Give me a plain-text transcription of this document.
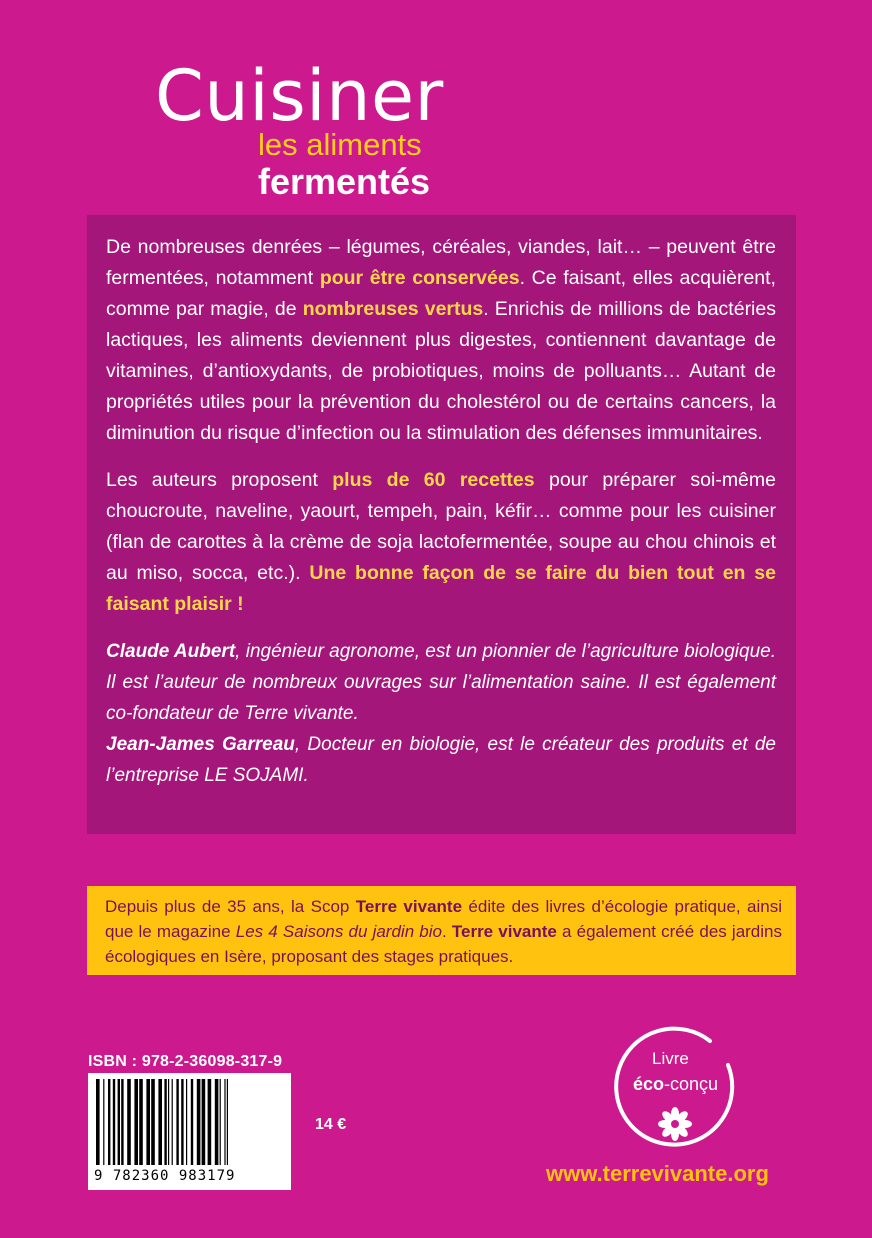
Cuisiner
les aliments
fermentés

De nombreuses denrées – légumes, céréales, viandes, lait… – peuvent être fermentées, notamment pour être conservées. Ce faisant, elles acquièrent, comme par magie, de nombreuses vertus. Enrichis de millions de bactéries lactiques, les aliments deviennent plus digestes, contiennent davantage de vitamines, d’antioxydants, de probiotiques, moins de polluants… Autant de propriétés utiles pour la prévention du cholestérol ou de certains cancers, la diminution du risque d’infection ou la stimulation des défenses immunitaires.

Les auteurs proposent plus de 60 recettes pour préparer soi-même choucroute, naveline, yaourt, tempeh, pain, kéfir… comme pour les cuisiner (flan de carottes à la crème de soja lactofermentée, soupe au chou chinois et au miso, socca, etc.). Une bonne façon de se faire du bien tout en se faisant plaisir !

Claude Aubert, ingénieur agronome, est un pionnier de l’agriculture biologique. Il est l’auteur de nombreux ouvrages sur l’alimentation saine. Il est également co-fondateur de Terre vivante.
Jean-James Garreau, Docteur en biologie, est le créateur des produits et de l’entreprise LE SOJAMI.

Depuis plus de 35 ans, la Scop Terre vivante édite des livres d’écologie pratique, ainsi que le magazine Les 4 Saisons du jardin bio. Terre vivante a également créé des jardins écologiques en Isère, proposant des stages pratiques.

ISBN : 978-2-36098-317-9

9 782360 983179

14 €

Livre
éco-conçu

www.terrevivante.org
